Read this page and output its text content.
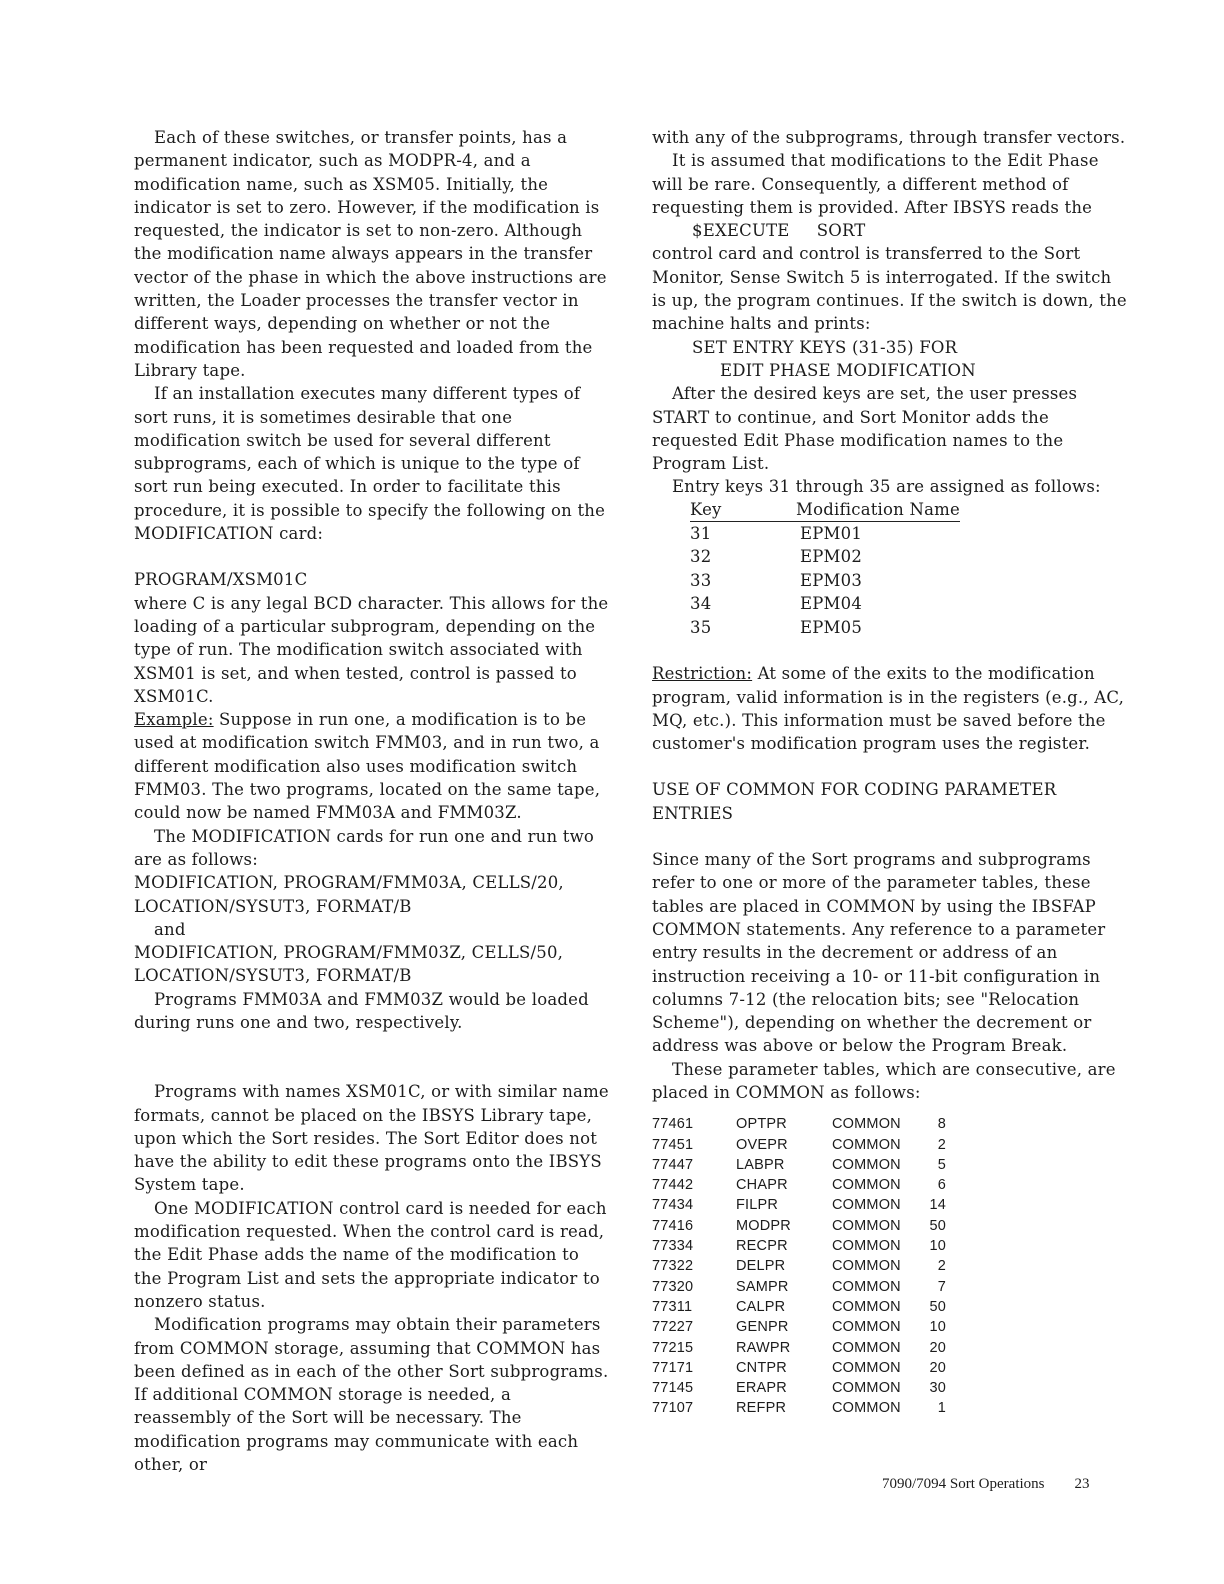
Each of these switches, or transfer points, has a permanent indicator, such as MODPR-4, and a modification name, such as XSM05. Initially, the indicator is set to zero. However, if the modification is requested, the indicator is set to non-zero. Although the modification name always appears in the transfer vector of the phase in which the above instructions are written, the Loader processes the transfer vector in different ways, depending on whether or not the modification has been requested and loaded from the Library tape.

If an installation executes many different types of sort runs, it is sometimes desirable that one modification switch be used for several different subprograms, each of which is unique to the type of sort run being executed. In order to facilitate this procedure, it is possible to specify the following on the MODIFICATION card:

PROGRAM/XSM01C

where C is any legal BCD character. This allows for the loading of a particular subprogram, depending on the type of run. The modification switch associated with XSM01 is set, and when tested, control is passed to XSM01C.

Example: Suppose in run one, a modification is to be used at modification switch FMM03, and in run two, a different modification also uses modification switch FMM03. The two programs, located on the same tape, could now be named FMM03A and FMM03Z.

The MODIFICATION cards for run one and run two are as follows:

MODIFICATION, PROGRAM/FMM03A, CELLS/20,

LOCATION/SYSUT3, FORMAT/B

and

MODIFICATION, PROGRAM/FMM03Z, CELLS/50,

LOCATION/SYSUT3, FORMAT/B

Programs FMM03A and FMM03Z would be loaded during runs one and two, respectively.

Programs with names XSM01C, or with similar name formats, cannot be placed on the IBSYS Library tape, upon which the Sort resides. The Sort Editor does not have the ability to edit these programs onto the IBSYS System tape.

One MODIFICATION control card is needed for each modification requested. When the control card is read, the Edit Phase adds the name of the modification to the Program List and sets the appropriate indicator to nonzero status.

Modification programs may obtain their parameters from COMMON storage, assuming that COMMON has been defined as in each of the other Sort subprograms. If additional COMMON storage is needed, a reassembly of the Sort will be necessary. The modification programs may communicate with each other, or

with any of the subprograms, through transfer vectors.

It is assumed that modifications to the Edit Phase will be rare. Consequently, a different method of requesting them is provided. After IBSYS reads the

$EXECUTE     SORT

control card and control is transferred to the Sort Monitor, Sense Switch 5 is interrogated. If the switch is up, the program continues. If the switch is down, the machine halts and prints:

SET ENTRY KEYS (31-35) FOR

EDIT PHASE MODIFICATION

After the desired keys are set, the user presses START to continue, and Sort Monitor adds the requested Edit Phase modification names to the Program List.

Entry keys 31 through 35 are assigned as follows:

Key	Modification Name
31	EPM01
32	EPM02
33	EPM03
34	EPM04
35	EPM05

Restriction: At some of the exits to the modification program, valid information is in the registers (e.g., AC, MQ, etc.). This information must be saved before the customer's modification program uses the register.

USE OF COMMON FOR CODING PARAMETER ENTRIES

Since many of the Sort programs and subprograms refer to one or more of the parameter tables, these tables are placed in COMMON by using the IBSFAP COMMON statements. Any reference to a parameter entry results in the decrement or address of an instruction receiving a 10- or 11-bit configuration in columns 7-12 (the relocation bits; see "Relocation Scheme"), depending on whether the decrement or address was above or below the Program Break.

These parameter tables, which are consecutive, are placed in COMMON as follows:

77461	OPTPR	COMMON	8
77451	OVEPR	COMMON	2
77447	LABPR	COMMON	5
77442	CHAPR	COMMON	6
77434	FILPR	COMMON	14
77416	MODPR	COMMON	50
77334	RECPR	COMMON	10
77322	DELPR	COMMON	2
77320	SAMPR	COMMON	7
77311	CALPR	COMMON	50
77227	GENPR	COMMON	10
77215	RAWPR	COMMON	20
77171	CNTPR	COMMON	20
77145	ERAPR	COMMON	30
77107	REFPR	COMMON	1
7090/7094 Sort Operations 23
